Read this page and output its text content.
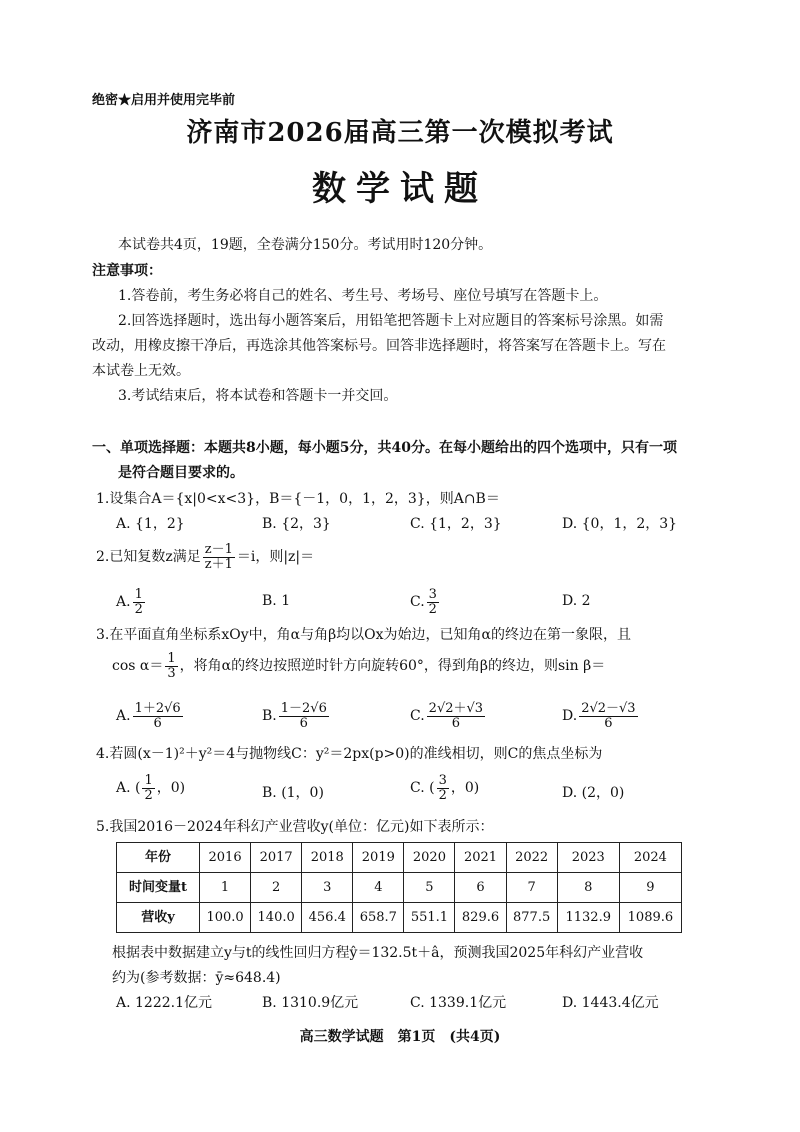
绝密★启用并使用完毕前
济南市2026届高三第一次模拟考试
数学试题
本试卷共4页，19题，全卷满分150分。考试用时120分钟。
注意事项：
1.答卷前，考生务必将自己的姓名、考生号、考场号、座位号填写在答题卡上。
2.回答选择题时，选出每小题答案后，用铅笔把答题卡上对应题目的答案标号涂黑。如需
改动，用橡皮擦干净后，再选涂其他答案标号。回答非选择题时，将答案写在答题卡上。写在
本试卷上无效。
3.考试结束后，将本试卷和答题卡一并交回。
一、单项选择题：本题共8小题，每小题5分，共40分。在每小题给出的四个选项中，只有一项
是符合题目要求的。
1.设集合A＝{x|0<x<3}，B＝{－1，0，1，2，3}，则A∩B＝
A. {1，2}	B. {2，3}	C. {1，2，3}	D. {0，1，2，3}
2.已知复数z满足 $\frac{z-1}{z+1} =i$，则|z|＝
A. $\frac{1}{2}$	B. 1	C. $\frac{3}{2}$	D. 2
3.在平面直角坐标系xOy中，角α与角β均以Ox为始边，已知角α的终边在第一象限，且
$\cos \alpha= \frac{1}{3}$ ，将角α的终边按照逆时针方向旋转60°，得到角β的终边，则sin β＝
A. $\frac{1+2√6}{6}$	B. $\frac{1-2√6}{6}$	C. $\frac{2√2+√3}{6}$	D. $\frac{2√2-√3}{6}$
4.若圆(x－1)²＋y²＝4与抛物线C：y²＝2px(p>0)的准线相切，则C的焦点坐标为
A. ( $\frac{1}{2}$ ，0)	B. (1，0)	C. ( $\frac{3}{2}$ ，0)	D. (2，0)
5.我国2016－2024年科幻产业营收y(单位：亿元)如下表所示：
年份	2016	2017	2018	2019	2020	2021	2022	2023	2024
时间变量t	1	2	3	4	5	6	7	8	9
营收y	100.0	140.0	456.4	658.7	551.1	829.6	877.5	1132.9	1089.6
根据表中数据建立y与t的线性回归方程ŷ＝132.5t＋â，预测我国2025年科幻产业营收
约为(参考数据：ȳ≈648.4)
A. 1222.1亿元	B. 1310.9亿元	C. 1339.1亿元	D. 1443.4亿元
高三数学试题　第1页　(共4页)
